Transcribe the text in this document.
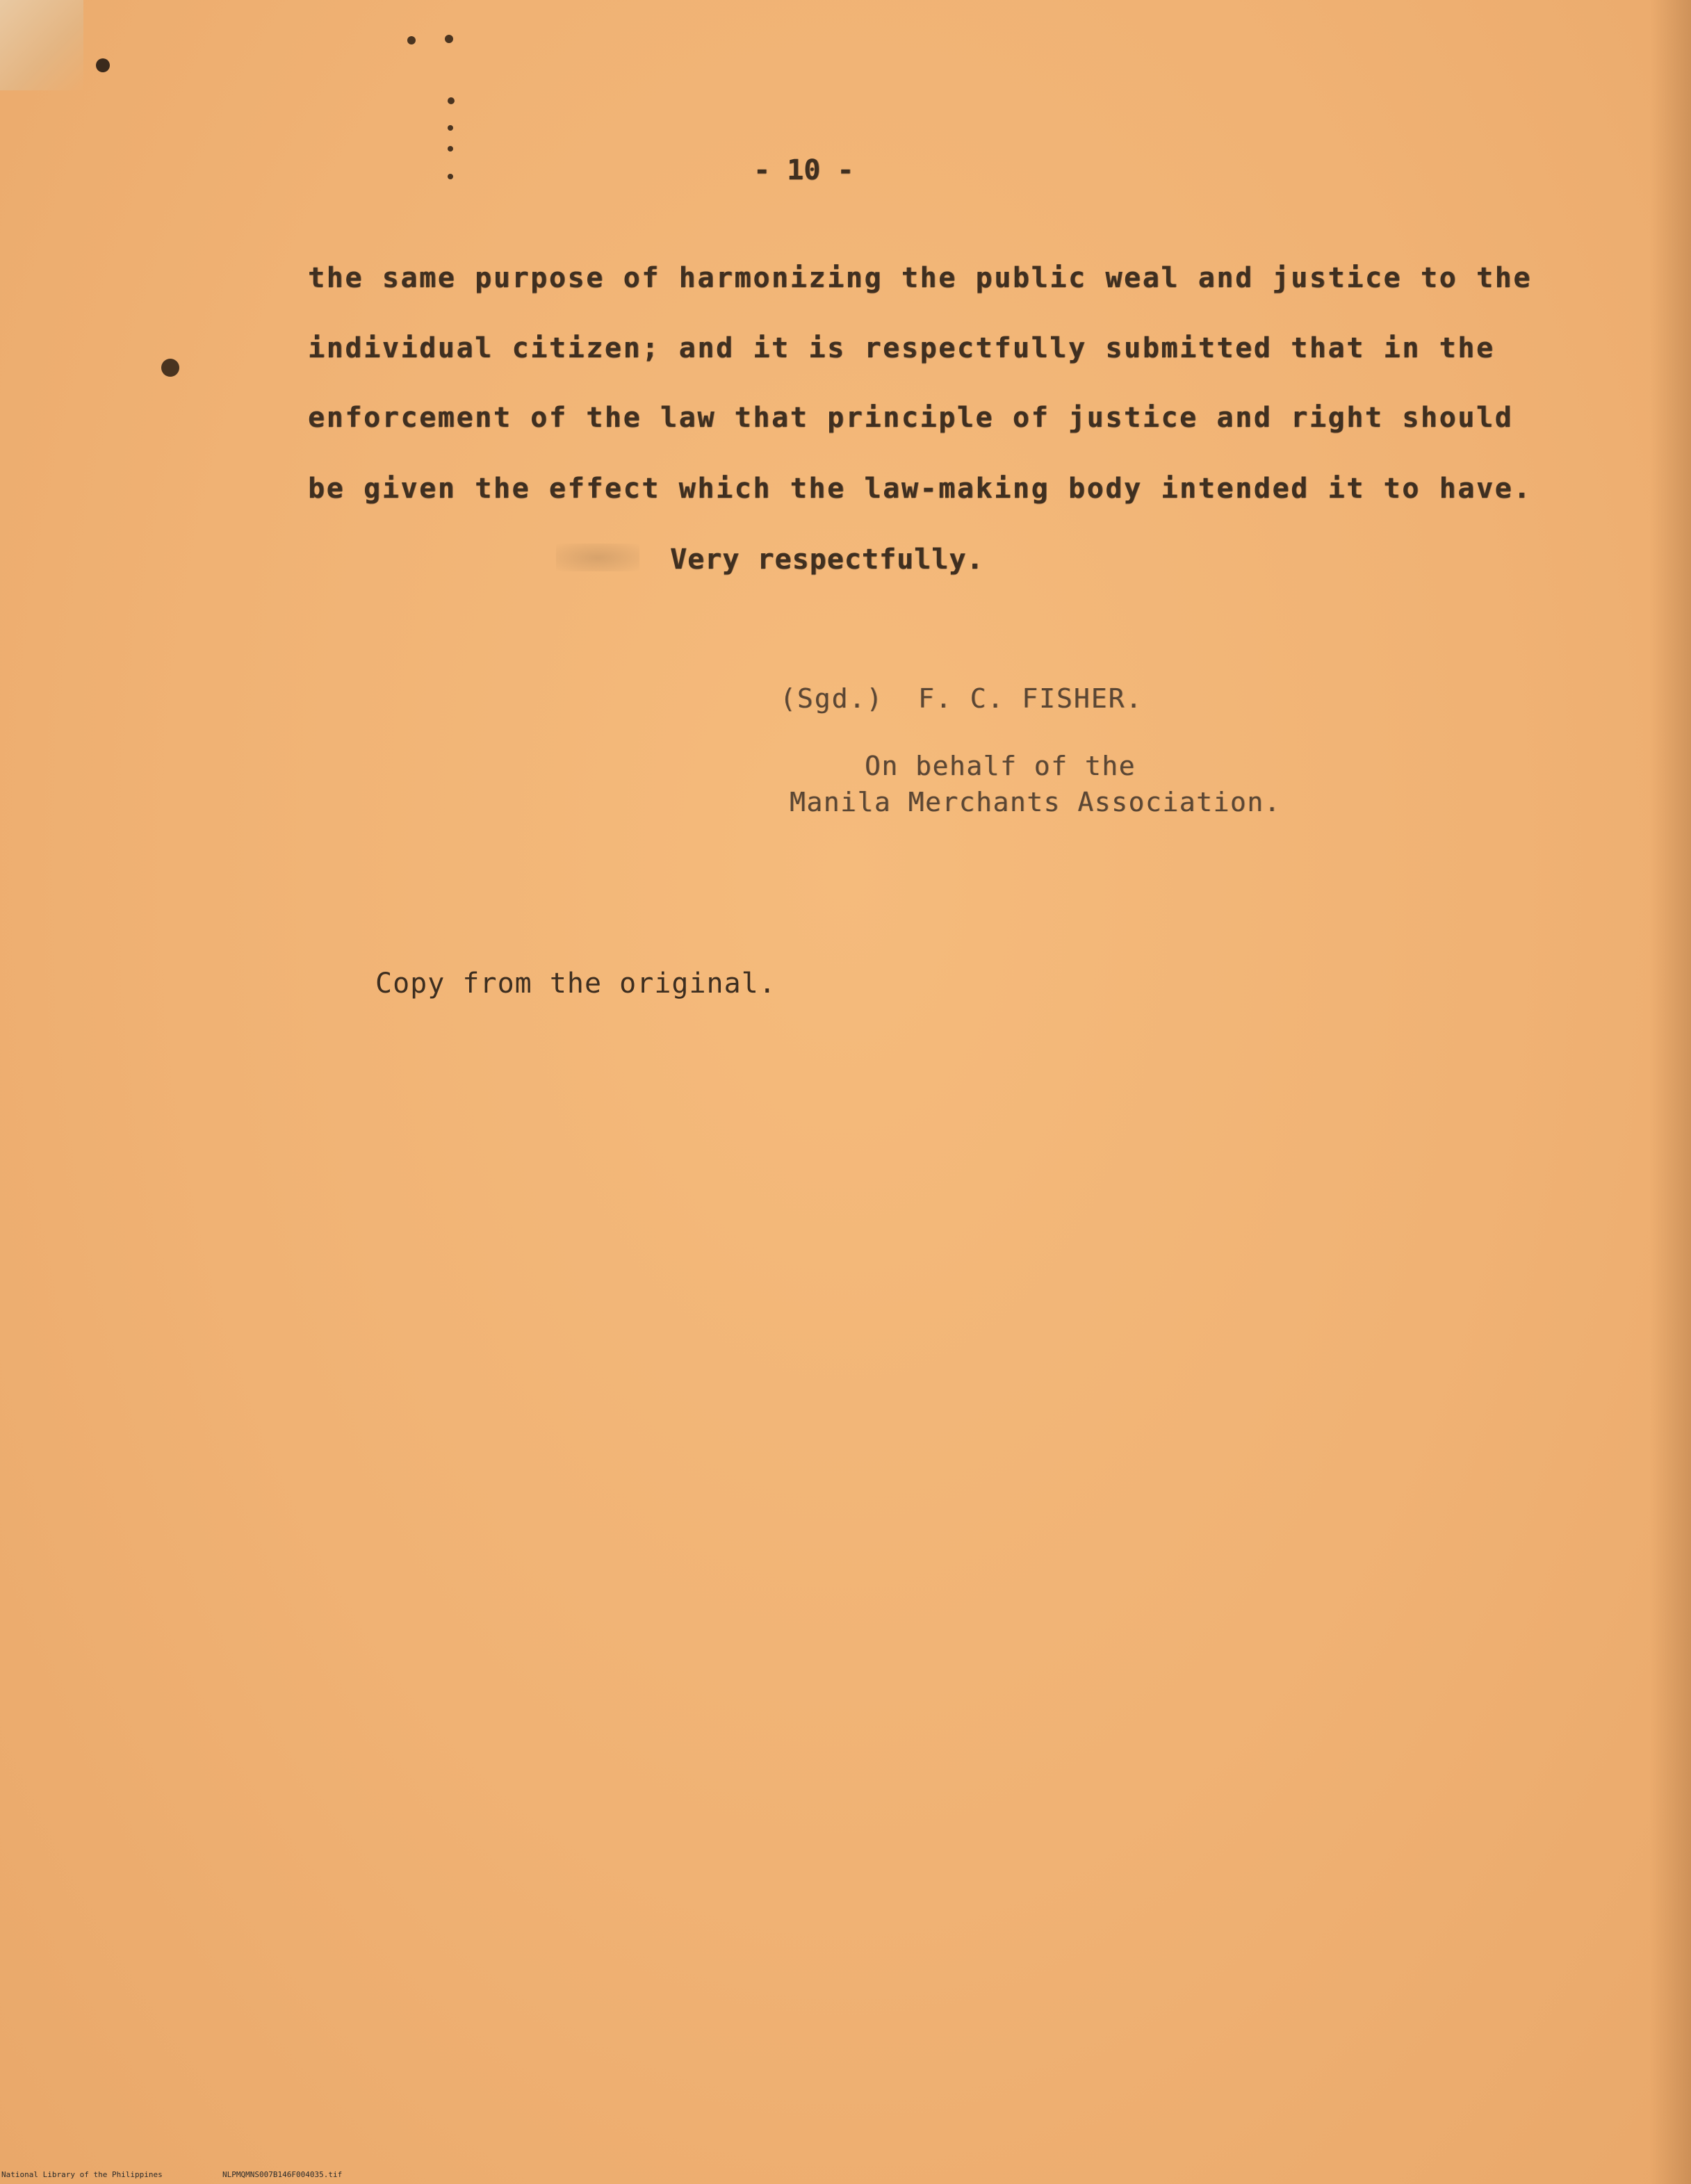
- 10 -

the same purpose of harmonizing the public weal and justice to the

individual citizen; and it is respectfully submitted that in the

enforcement of the law that principle of justice and right should

be given the effect which the law-making body intended it to have.

Very respectfully.

(Sgd.)  F. C. FISHER.

On behalf of the

Manila Merchants Association.

Copy from the original.

National Library of the Philippines	NLPMQMNS007B146F004035.tif
